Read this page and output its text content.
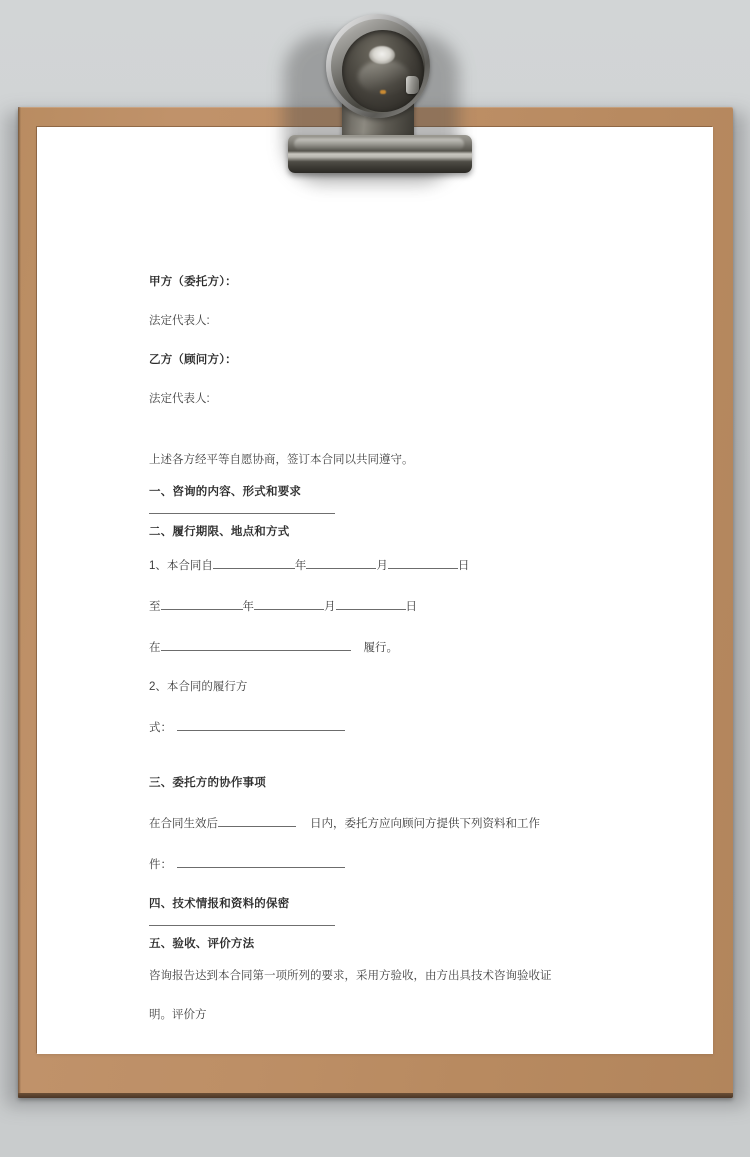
甲方（委托方）：
法定代表人:
乙方（顾问方）：
法定代表人:
上述各方经平等自愿协商，签订本合同以共同遵守。
一、咨询的内容、形式和要求
二、履行期限、地点和方式
1、本合同自	年	月	日
至	年	月	日
在	履行。
2、本合同的履行方
式：
三、委托方的协作事项
在合同生效后	日内，委托方应向顾问方提供下列资料和工作
件：
四、技术情报和资料的保密
五、验收、评价方法
咨询报告达到本合同第一项所列的要求，采用方验收，由方出具技术咨询验收证
明。评价方
